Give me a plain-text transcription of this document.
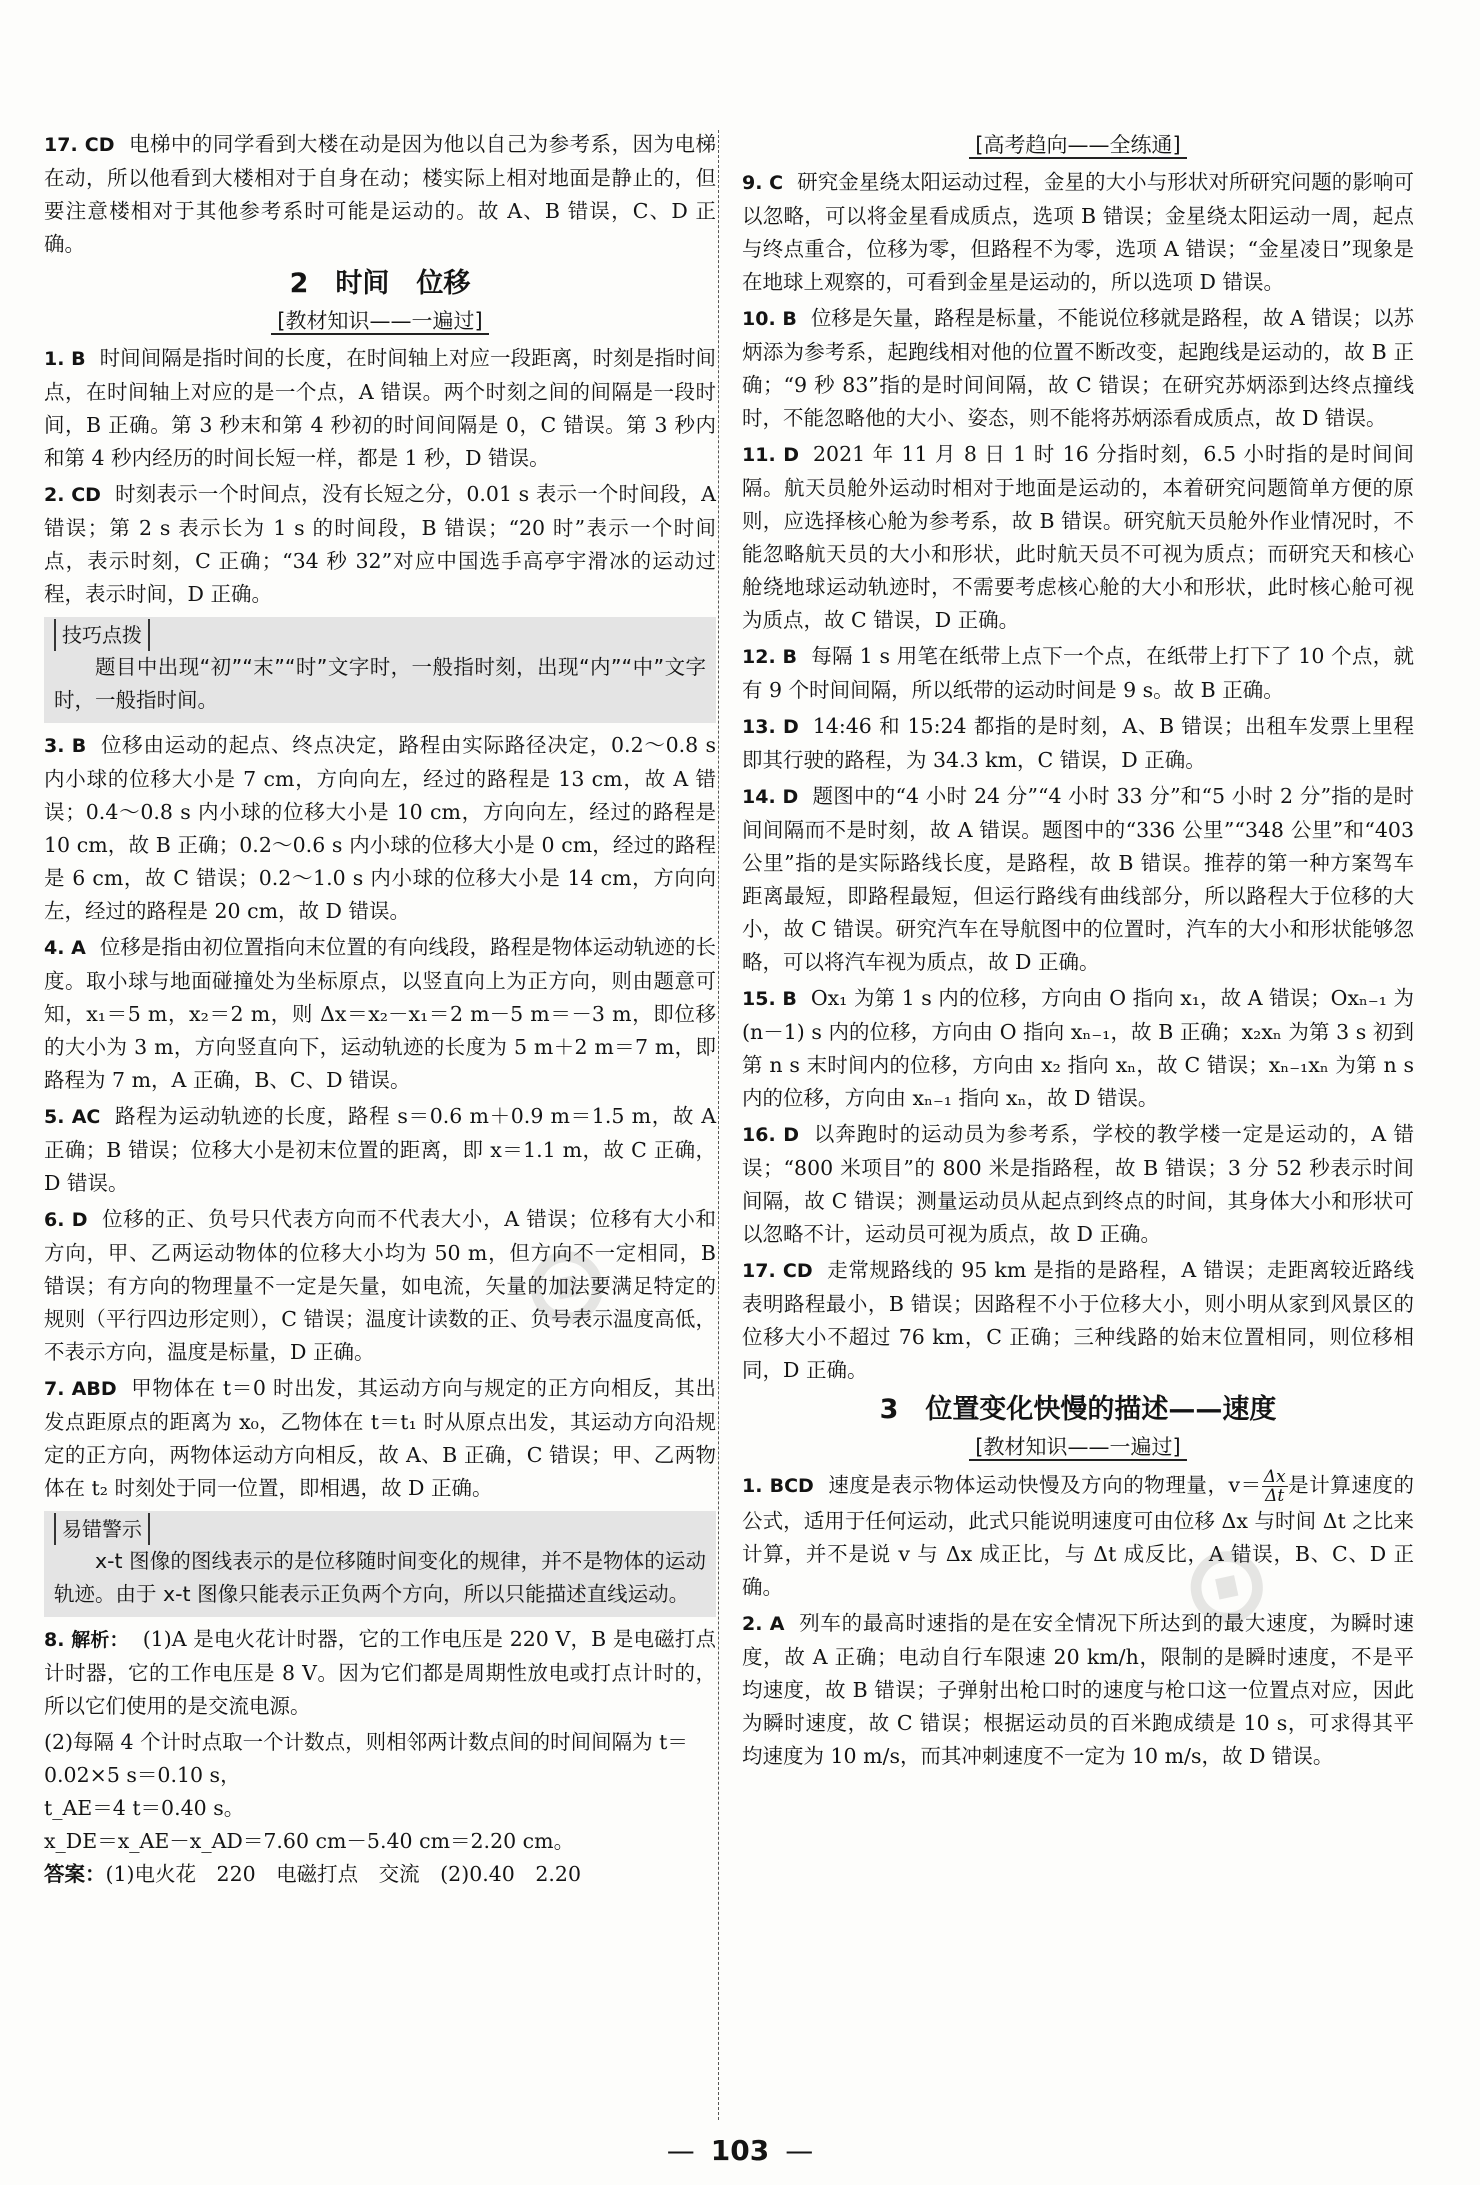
⊙
⊙

17. CD 电梯中的同学看到大楼在动是因为他以自己为参考系，因为电梯在动，所以他看到大楼相对于自身在动；楼实际上相对地面是静止的，但要注意楼相对于其他参考系时可能是运动的。故 A、B 错误，C、D 正确。

2　时间　位移
[教材知识——一遍过]

1. B 时间间隔是指时间的长度，在时间轴上对应一段距离，时刻是指时间点，在时间轴上对应的是一个点，A 错误。两个时刻之间的间隔是一段时间，B 正确。第 3 秒末和第 4 秒初的时间间隔是 0，C 错误。第 3 秒内和第 4 秒内经历的时间长短一样，都是 1 秒，D 错误。

2. CD 时刻表示一个时间点，没有长短之分，0.01 s 表示一个时间段，A 错误；第 2 s 表示长为 1 s 的时间段，B 错误；“20 时”表示一个时间点，表示时刻，C 正确；“34 秒 32”对应中国选手高亭宇滑冰的运动过程，表示时间，D 正确。

技巧点拨
题目中出现“初”“末”“时”文字时，一般指时刻，出现“内”“中”文字时，一般指时间。

3. B 位移由运动的起点、终点决定，路程由实际路径决定，0.2～0.8 s 内小球的位移大小是 7 cm，方向向左，经过的路程是 13 cm，故 A 错误；0.4～0.8 s 内小球的位移大小是 10 cm，方向向左，经过的路程是 10 cm，故 B 正确；0.2～0.6 s 内小球的位移大小是 0 cm，经过的路程是 6 cm，故 C 错误；0.2～1.0 s 内小球的位移大小是 14 cm，方向向左，经过的路程是 20 cm，故 D 错误。

4. A 位移是指由初位置指向末位置的有向线段，路程是物体运动轨迹的长度。取小球与地面碰撞处为坐标原点，以竖直向上为正方向，则由题意可知，x₁＝5 m，x₂＝2 m，则 Δx＝x₂－x₁＝2 m－5 m＝－3 m，即位移的大小为 3 m，方向竖直向下，运动轨迹的长度为 5 m＋2 m＝7 m，即路程为 7 m，A 正确，B、C、D 错误。

5. AC 路程为运动轨迹的长度，路程 s＝0.6 m＋0.9 m＝1.5 m，故 A 正确；B 错误；位移大小是初末位置的距离，即 x＝1.1 m，故 C 正确，D 错误。

6. D 位移的正、负号只代表方向而不代表大小，A 错误；位移有大小和方向，甲、乙两运动物体的位移大小均为 50 m，但方向不一定相同，B 错误；有方向的物理量不一定是矢量，如电流，矢量的加法要满足特定的规则（平行四边形定则），C 错误；温度计读数的正、负号表示温度高低，不表示方向，温度是标量，D 正确。

7. ABD 甲物体在 t＝0 时出发，其运动方向与规定的正方向相反，其出发点距原点的距离为 x₀，乙物体在 t＝t₁ 时从原点出发，其运动方向沿规定的正方向，两物体运动方向相反，故 A、B 正确，C 错误；甲、乙两物体在 t₂ 时刻处于同一位置，即相遇，故 D 正确。

易错警示
x-t 图像的图线表示的是位移随时间变化的规律，并不是物体的运动轨迹。由于 x-t 图像只能表示正负两个方向，所以只能描述直线运动。

8. 解析： (1)A 是电火花计时器，它的工作电压是 220 V，B 是电磁打点计时器，它的工作电压是 8 V。因为它们都是周期性放电或打点计时的，所以它们使用的是交流电源。

(2)每隔 4 个计时点取一个计数点，则相邻两计数点间的时间间隔为 t＝0.02×5 s＝0.10 s，
t_AE＝4 t＝0.40 s。
x_DE＝x_AE－x_AD＝7.60 cm－5.40 cm＝2.20 cm。
答案：(1)电火花　220　电磁打点　交流　(2)0.40　2.20
[高考趋向——全练通]

9. C 研究金星绕太阳运动过程，金星的大小与形状对所研究问题的影响可以忽略，可以将金星看成质点，选项 B 错误；金星绕太阳运动一周，起点与终点重合，位移为零，但路程不为零，选项 A 错误；“金星凌日”现象是在地球上观察的，可看到金星是运动的，所以选项 D 错误。

10. B 位移是矢量，路程是标量，不能说位移就是路程，故 A 错误；以苏炳添为参考系，起跑线相对他的位置不断改变，起跑线是运动的，故 B 正确；“9 秒 83”指的是时间间隔，故 C 错误；在研究苏炳添到达终点撞线时，不能忽略他的大小、姿态，则不能将苏炳添看成质点，故 D 错误。

11. D 2021 年 11 月 8 日 1 时 16 分指时刻，6.5 小时指的是时间间隔。航天员舱外运动时相对于地面是运动的，本着研究问题简单方便的原则，应选择核心舱为参考系，故 B 错误。研究航天员舱外作业情况时，不能忽略航天员的大小和形状，此时航天员不可视为质点；而研究天和核心舱绕地球运动轨迹时，不需要考虑核心舱的大小和形状，此时核心舱可视为质点，故 C 错误，D 正确。

12. B 每隔 1 s 用笔在纸带上点下一个点，在纸带上打下了 10 个点，就有 9 个时间间隔，所以纸带的运动时间是 9 s。故 B 正确。

13. D 14:46 和 15:24 都指的是时刻，A、B 错误；出租车发票上里程即其行驶的路程，为 34.3 km，C 错误，D 正确。

14. D 题图中的“4 小时 24 分”“4 小时 33 分”和“5 小时 2 分”指的是时间间隔而不是时刻，故 A 错误。题图中的“336 公里”“348 公里”和“403 公里”指的是实际路线长度，是路程，故 B 错误。推荐的第一种方案驾车距离最短，即路程最短，但运行路线有曲线部分，所以路程大于位移的大小，故 C 错误。研究汽车在导航图中的位置时，汽车的大小和形状能够忽略，可以将汽车视为质点，故 D 正确。

15. B Ox₁ 为第 1 s 内的位移，方向由 O 指向 x₁，故 A 错误；Oxₙ₋₁ 为(n－1) s 内的位移，方向由 O 指向 xₙ₋₁，故 B 正确；x₂xₙ 为第 3 s 初到第 n s 末时间内的位移，方向由 x₂ 指向 xₙ，故 C 错误；xₙ₋₁xₙ 为第 n s 内的位移，方向由 xₙ₋₁ 指向 xₙ，故 D 错误。

16. D 以奔跑时的运动员为参考系，学校的教学楼一定是运动的，A 错误；“800 米项目”的 800 米是指路程，故 B 错误；3 分 52 秒表示时间间隔，故 C 错误；测量运动员从起点到终点的时间，其身体大小和形状可以忽略不计，运动员可视为质点，故 D 正确。

17. CD 走常规路线的 95 km 是指的是路程，A 错误；走距离较近路线表明路程最小，B 错误；因路程不小于位移大小，则小明从家到风景区的位移大小不超过 76 km，C 正确；三种线路的始末位置相同，则位移相同，D 正确。

3　位置变化快慢的描述——速度
[教材知识——一遍过]

1. BCD 速度是表示物体运动快慢及方向的物理量，$v= \frac{\Delta x}{\Delta t}$是计算速度的公式，适用于任何运动，此式只能说明速度可由位移 Δx 与时间 Δt 之比来计算，并不是说 v 与 Δx 成正比，与 Δt 成反比，A 错误，B、C、D 正确。

2. A 列车的最高时速指的是在安全情况下所达到的最大速度，为瞬时速度，故 A 正确；电动自行车限速 20 km/h，限制的是瞬时速度，不是平均速度，故 B 错误；子弹射出枪口时的速度与枪口这一位置点对应，因此为瞬时速度，故 C 错误；根据运动员的百米跑成绩是 10 s，可求得其平均速度为 10 m/s，而其冲刺速度不一定为 10 m/s，故 D 错误。

— 103 —
